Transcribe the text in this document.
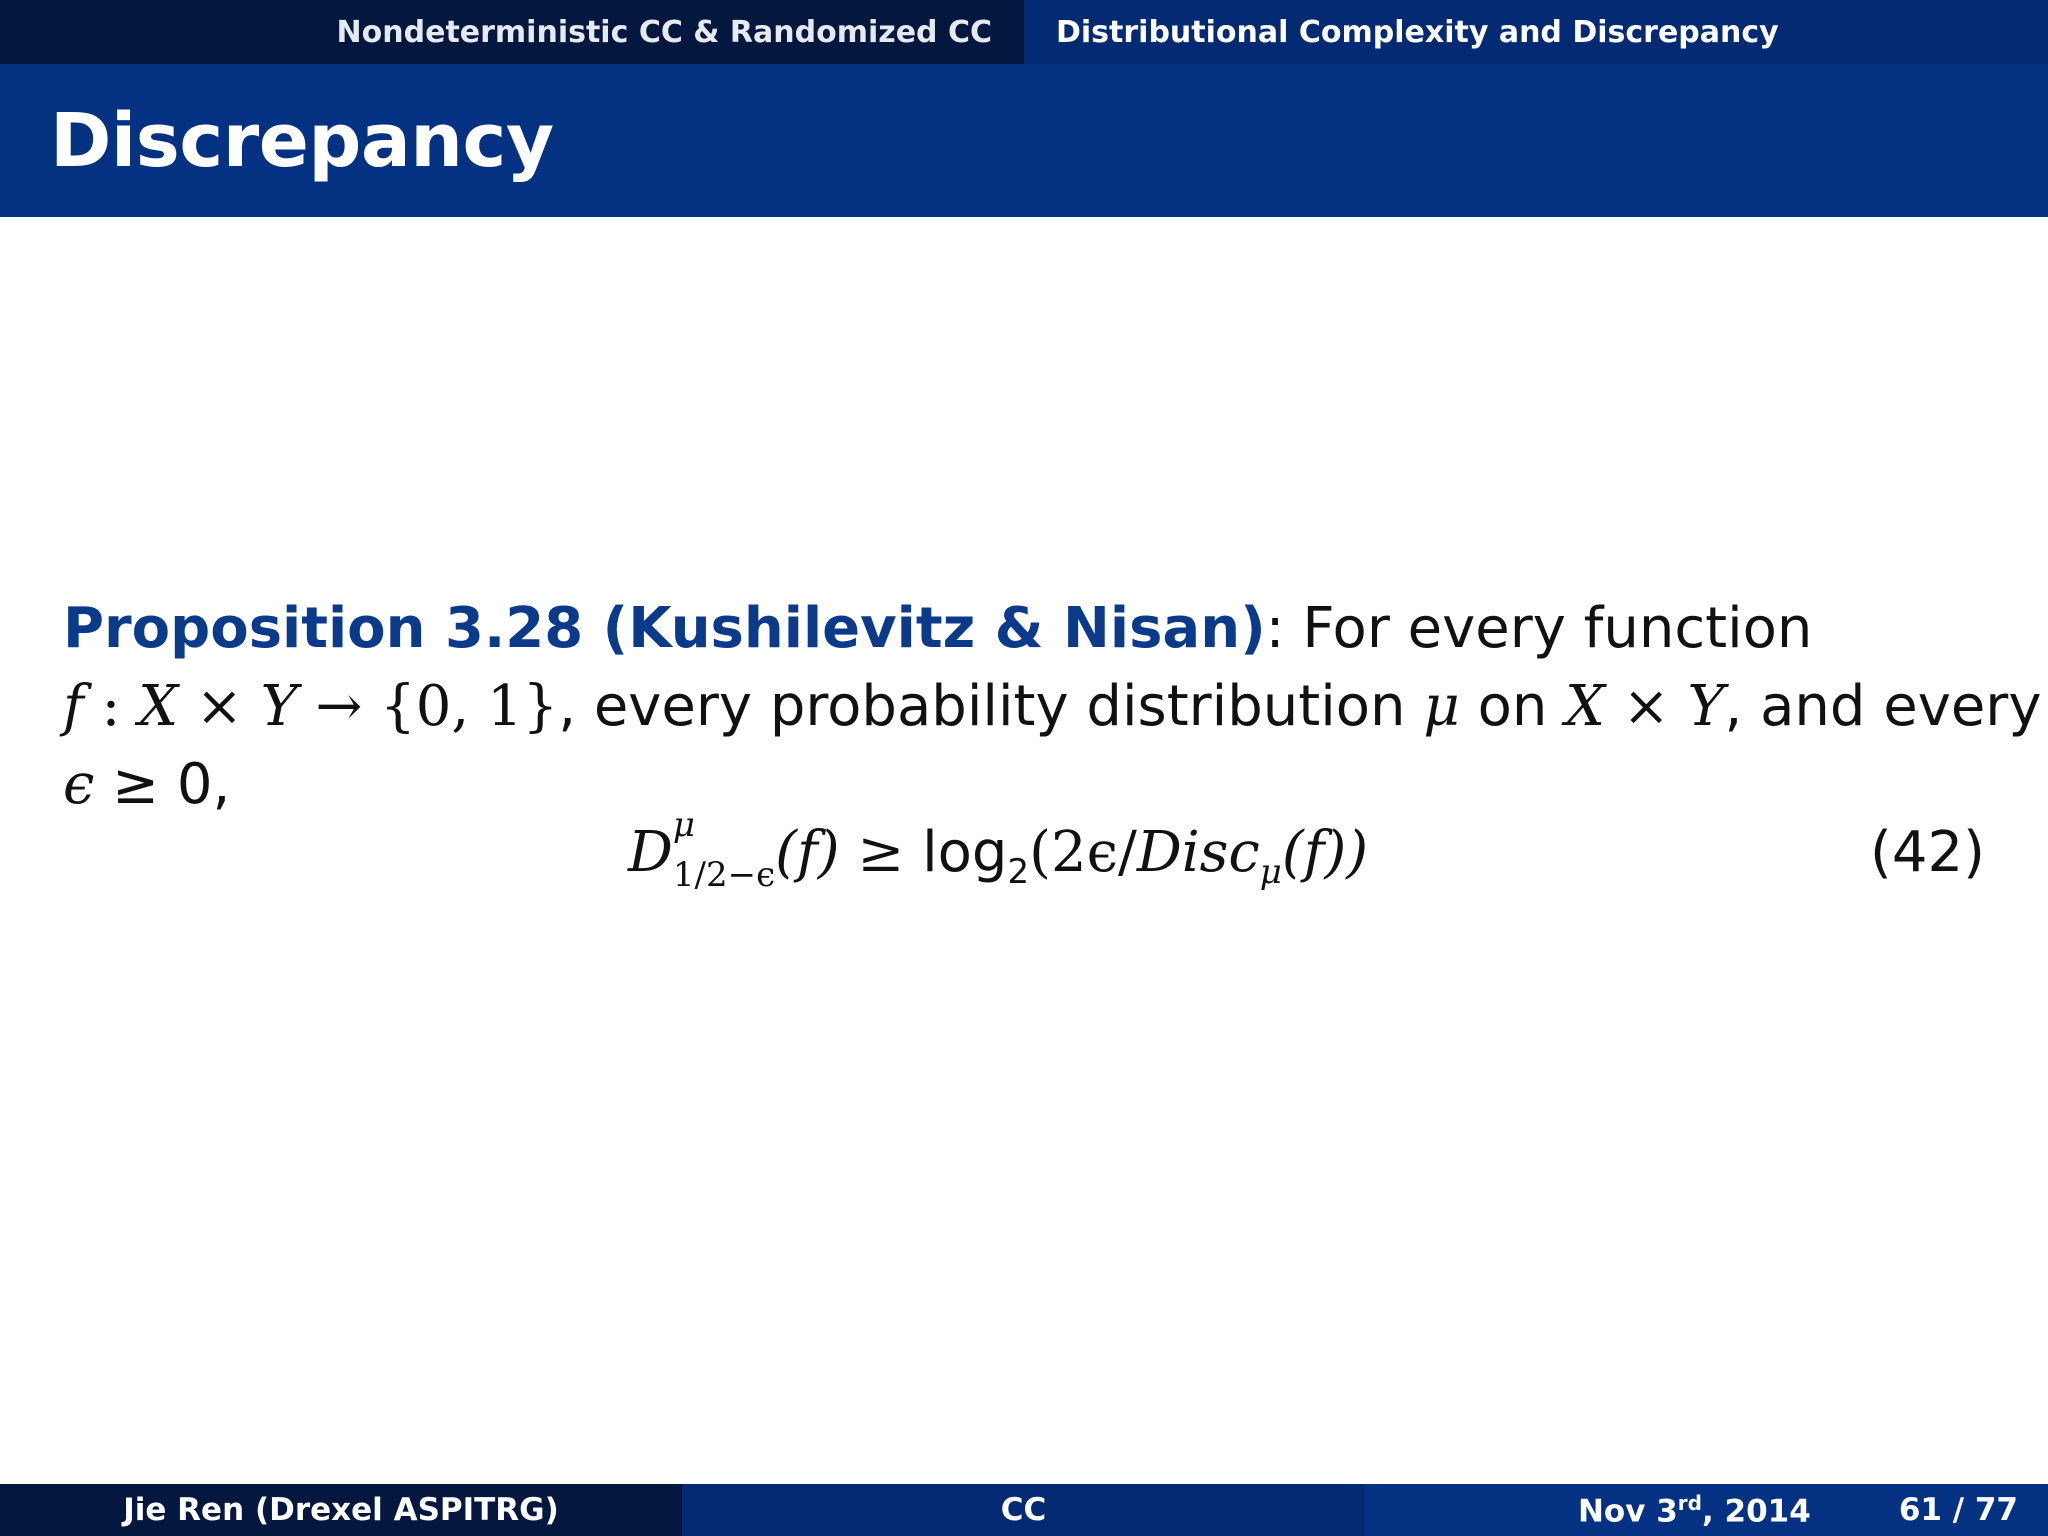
Nondeterministic CC & Randomized CC Distributional Complexity and Discrepancy
Discrepancy
Proposition 3.28 (Kushilevitz & Nisan): For every function
f : X × Y → {0, 1}, every probability distribution μ on X × Y, and every
ϵ ≥ 0,
D $^\mu$
$_{1/2-\epsilon}$ $(f) \ge \log_2(2\epsilon/Disc_\mu(f))$	(42)
Jie Ren (Drexel ASPITRG)	CC	Nov 3rd, 2014	61 / 77
